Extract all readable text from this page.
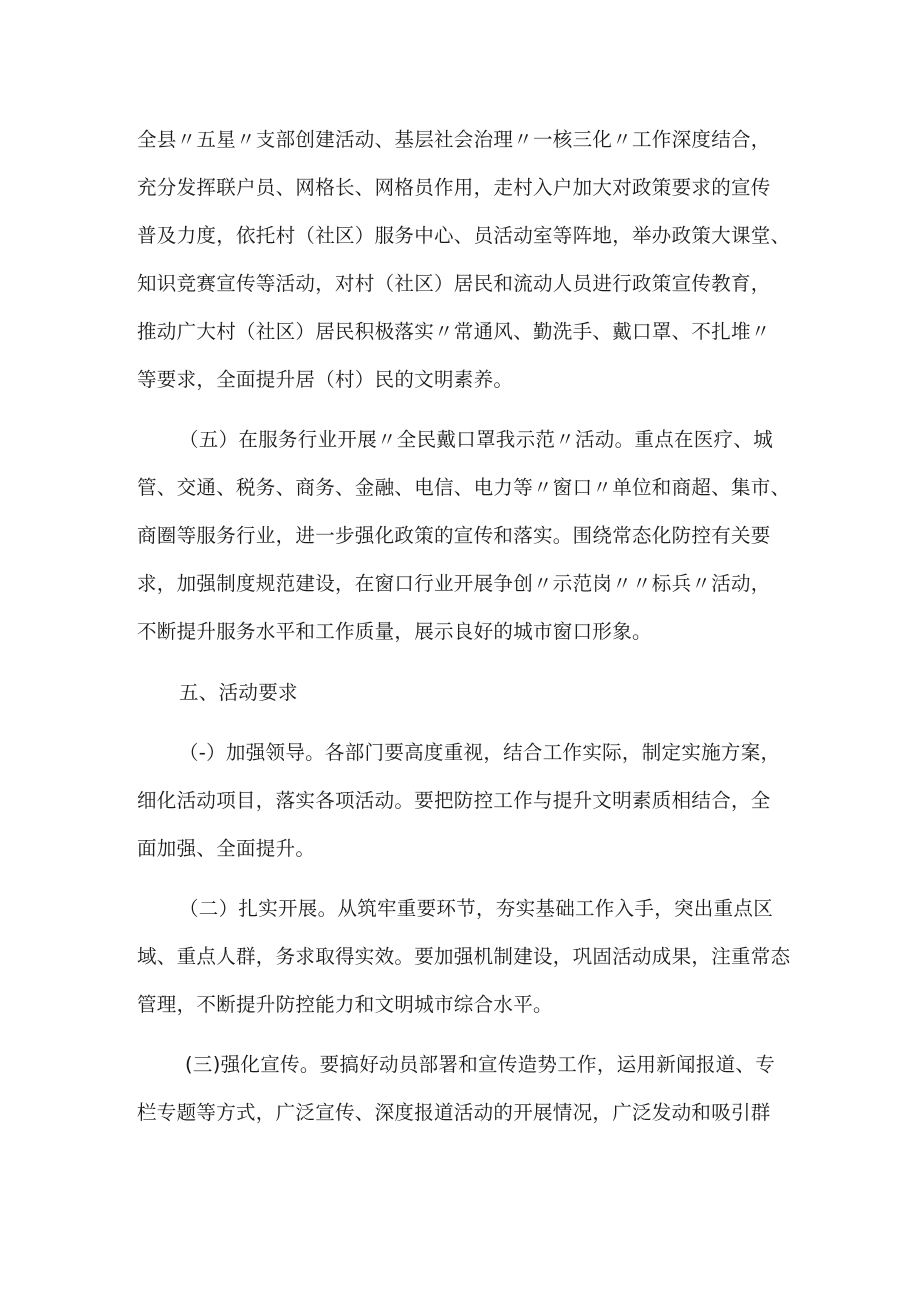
全县〃五星〃支部创建活动、基层社会治理〃一核三化〃工作深度结合，
充分发挥联户员、网格长、网格员作用，走村入户加大对政策要求的宣传
普及力度，依托村（社区）服务中心、员活动室等阵地，举办政策大课堂、
知识竞赛宣传等活动，对村（社区）居民和流动人员进行政策宣传教育，
推动广大村（社区）居民积极落实〃常通风、勤洗手、戴口罩、不扎堆〃
等要求，全面提升居（村）民的文明素养。
（五）在服务行业开展〃全民戴口罩我示范〃活动。重点在医疗、城
管、交通、税务、商务、金融、电信、电力等〃窗口〃单位和商超、集市、
商圈等服务行业，进一步强化政策的宣传和落实。围绕常态化防控有关要
求，加强制度规范建设，在窗口行业开展争创〃示范岗〃〃标兵〃活动，
不断提升服务水平和工作质量，展示良好的城市窗口形象。
五、活动要求
（-）加强领导。各部门要高度重视，结合工作实际，制定实施方案，
细化活动项目，落实各项活动。要把防控工作与提升文明素质相结合，全
面加强、全面提升。
（二）扎实开展。从筑牢重要环节，夯实基础工作入手，突出重点区
域、重点人群，务求取得实效。要加强机制建设，巩固活动成果，注重常态
管理，不断提升防控能力和文明城市综合水平。
(三)强化宣传。要搞好动员部署和宣传造势工作，运用新闻报道、专
栏专题等方式，广泛宣传、深度报道活动的开展情况，广泛发动和吸引群
